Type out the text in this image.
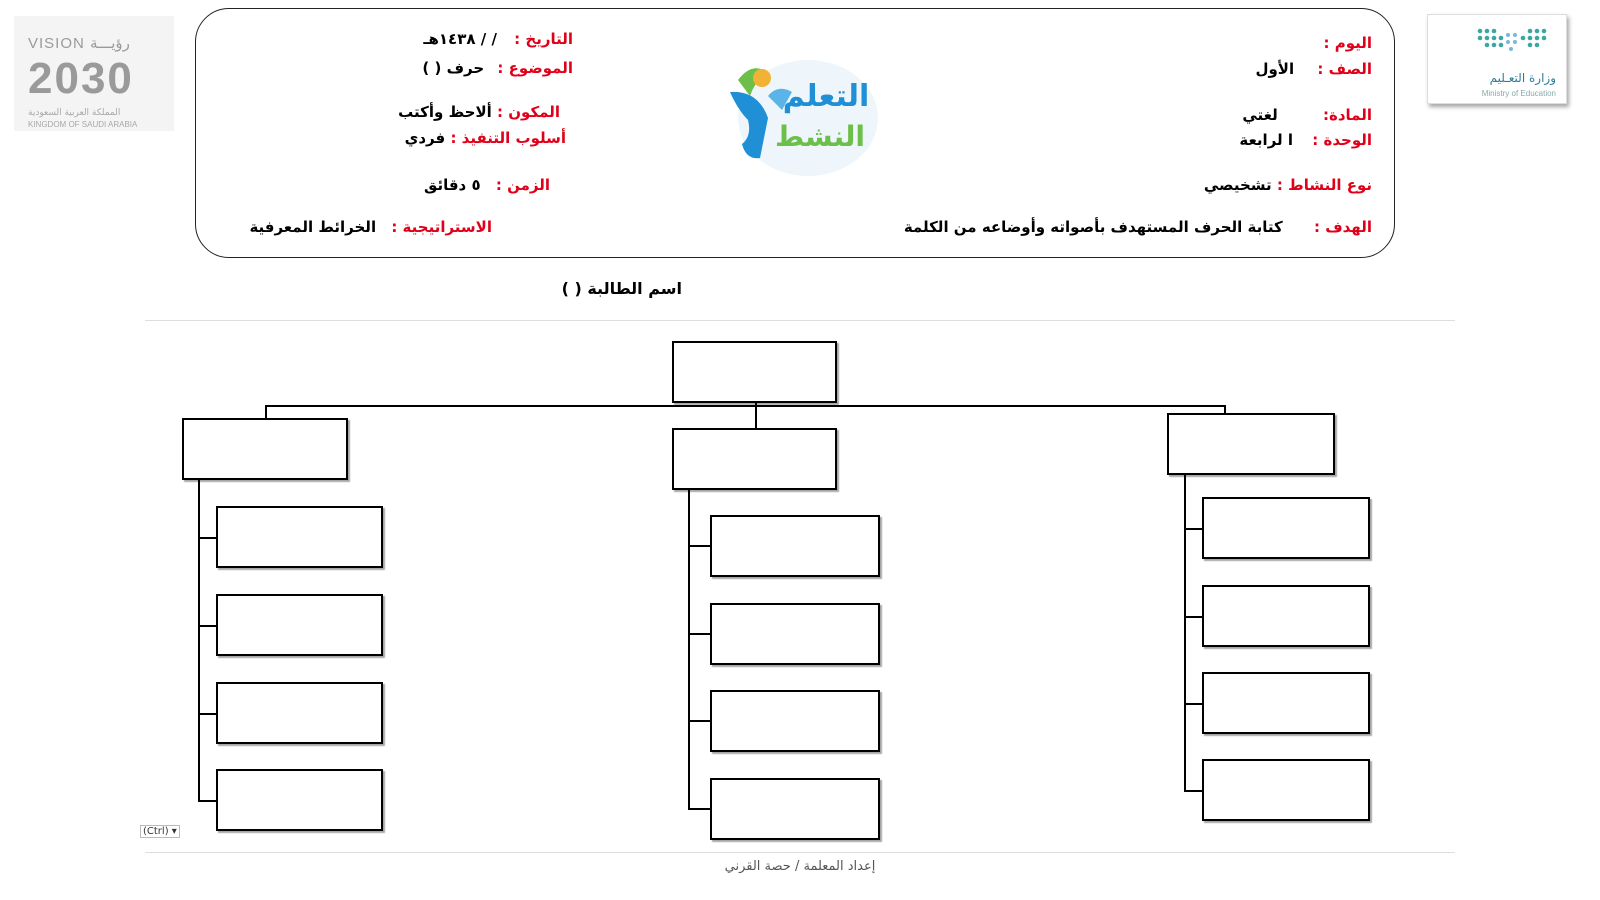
VISION رؤيـــة
2030
المملكة العربية السعودية
KINGDOM OF SAUDI ARABIA
وزارة التعـليم
Ministry of Education
اليوم :
الصف : الأول
المادة: لغتي
الوحدة : ا لرابعة
نوع النشاط : تشخيصي
الهدف : كتابة الحرف المستهدف بأصواته وأوضاعه من الكلمة
التاريخ : / / ١٤٣٨هـ
الموضوع : حرف ( )
المكون : ألاحظ وأكتب
أسلوب التنفيذ : فردي
الزمن : ٥ دقائق
الاستراتيجية : الخرائط المعرفية
التعلم
النشط
اسم الطالبة ( )
(Ctrl) ▾
إعداد المعلمة / حصة القرني
